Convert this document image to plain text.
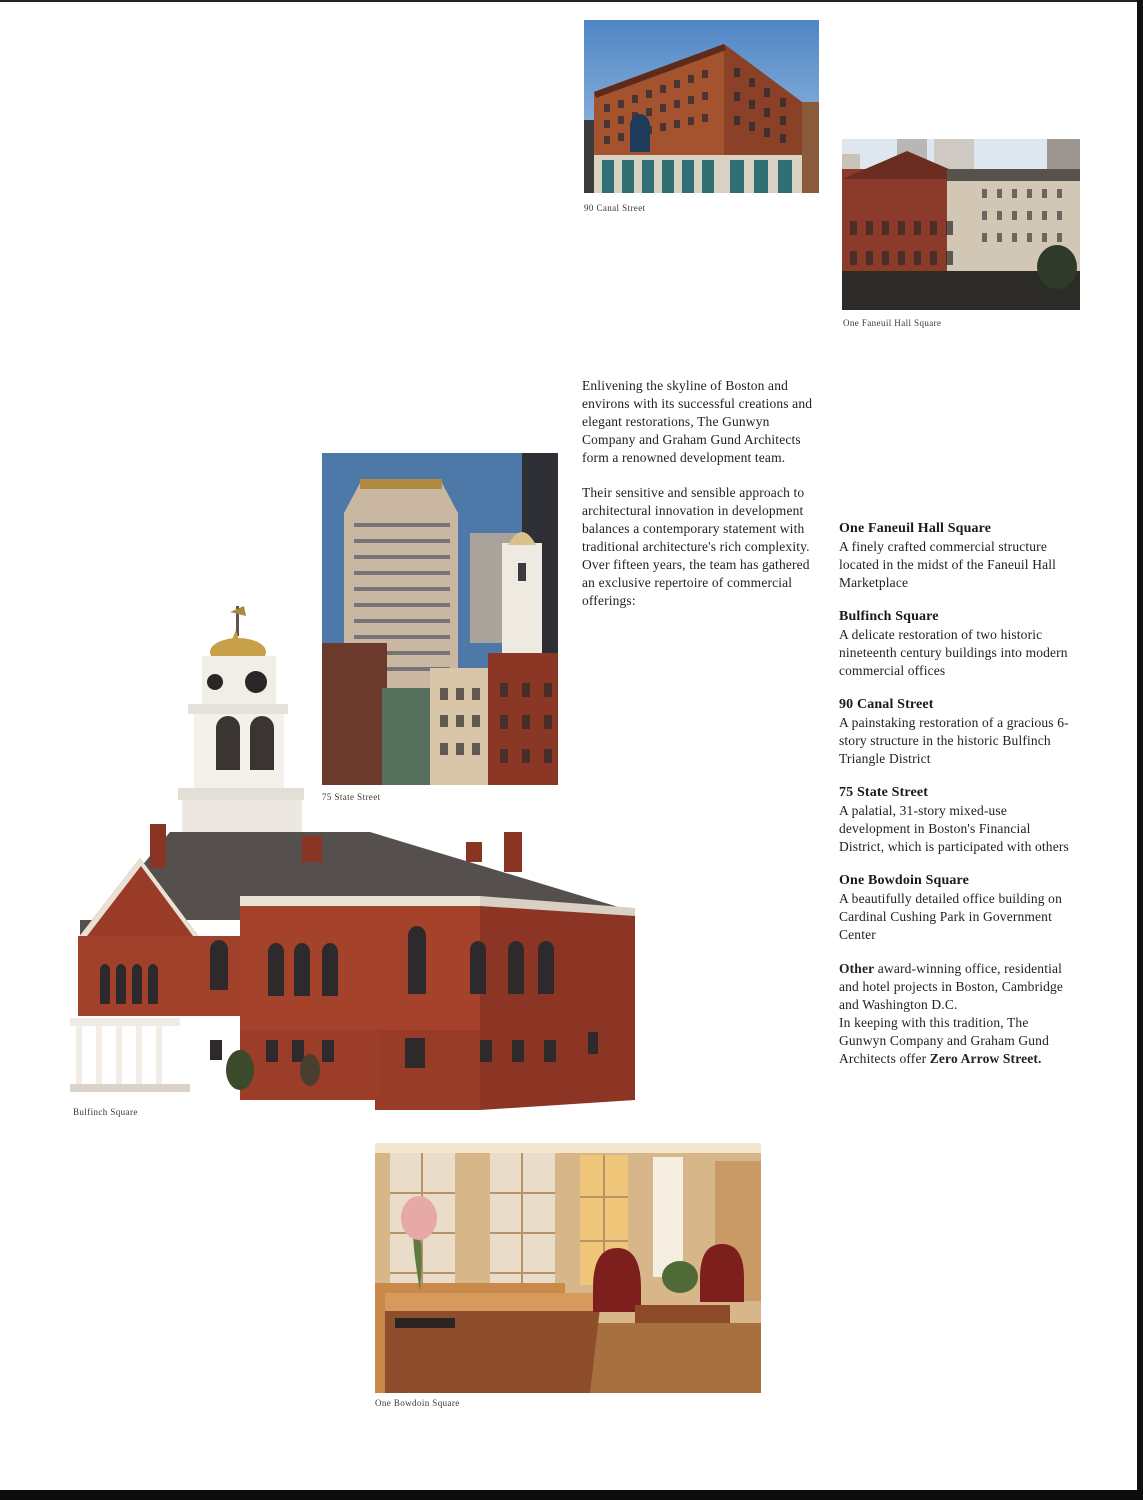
90 Canal Street
One Faneuil Hall Square
75 State Street
Bulfinch Square
One Bowdoin Square

Enlivening the skyline of Boston and environs with its successful creations and elegant restorations, The Gunwyn Company and Graham Gund Architects form a renowned development team.

Their sensitive and sensible approach to architectural innovation in development balances a contemporary statement with traditional architecture's rich complexity. Over fifteen years, the team has gathered an exclusive repertoire of commercial offerings:

One Faneuil Hall Square
A finely crafted commercial structure located in the midst of the Faneuil Hall Marketplace
Bulfinch Square
A delicate restoration of two historic nineteenth century buildings into modern commercial offices
90 Canal Street
A painstaking restoration of a gracious 6-story structure in the historic Bulfinch Triangle District
75 State Street
A palatial, 31-story mixed-use development in Boston's Financial District, which is participated with others
One Bowdoin Square
A beautifully detailed office building on Cardinal Cushing Park in Government Center

Other award-winning office, residential and hotel projects in Boston, Cambridge and Washington D.C.

In keeping with this tradition, The Gunwyn Company and Graham Gund Architects offer Zero Arrow Street.
